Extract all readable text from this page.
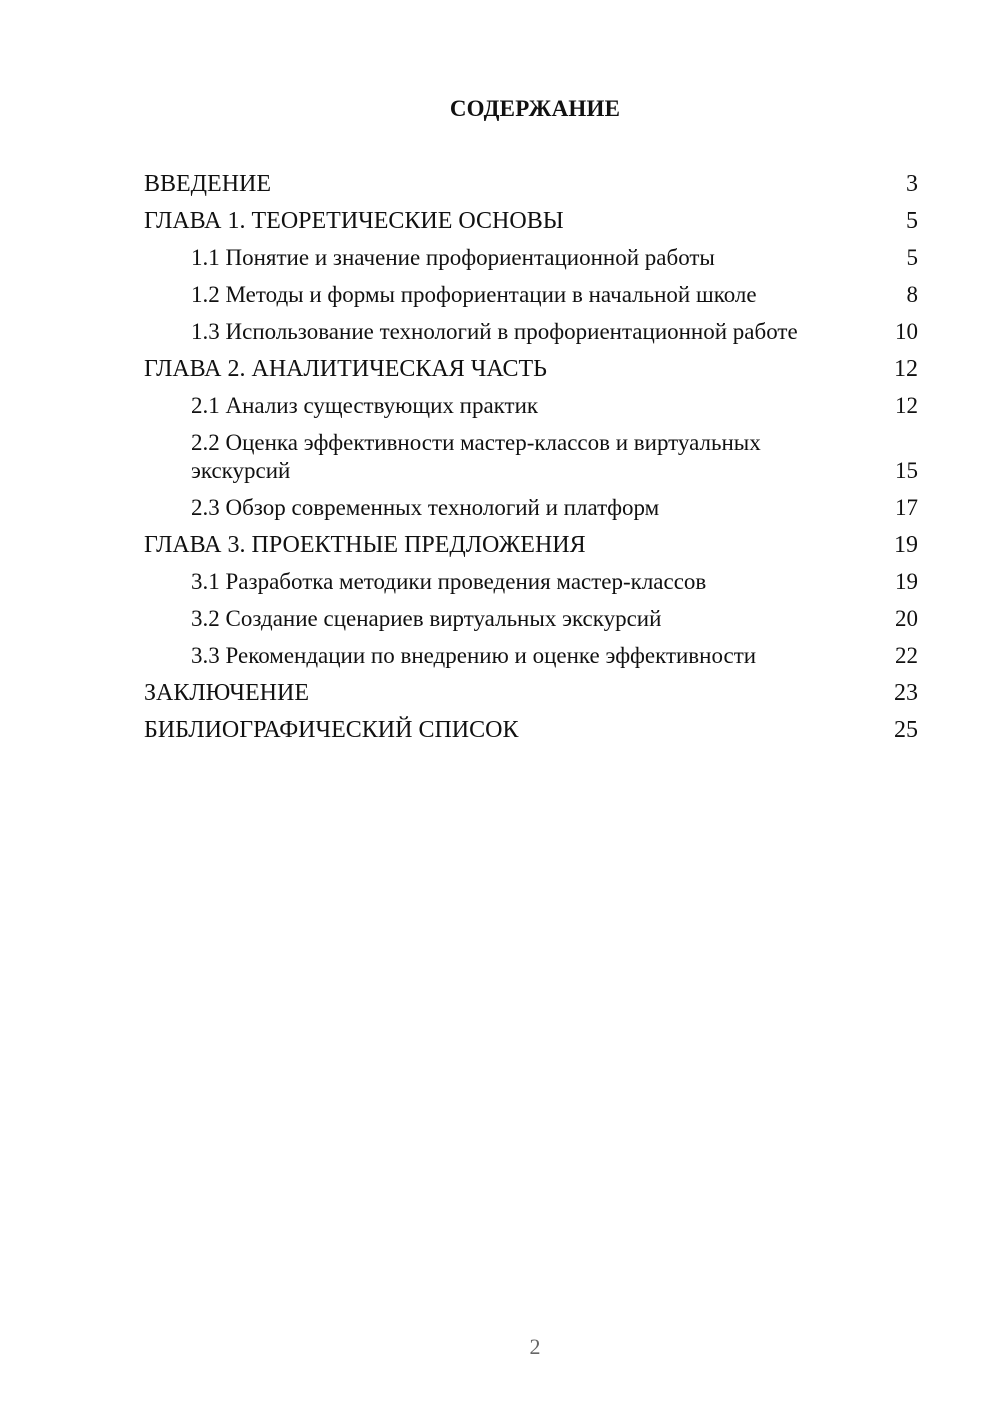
СОДЕРЖАНИЕ
ВВЕДЕНИЕ	3
ГЛАВА 1. ТЕОРЕТИЧЕСКИЕ ОСНОВЫ	5
1.1 Понятие и значение профориентационной работы	5
1.2 Методы и формы профориентации в начальной школе	8
1.3 Использование технологий в профориентационной работе	10
ГЛАВА 2. АНАЛИТИЧЕСКАЯ ЧАСТЬ	12
2.1 Анализ существующих практик	12
2.2 Оценка эффективности мастер-классов и виртуальных экскурсий	15
2.3 Обзор современных технологий и платформ	17
ГЛАВА 3. ПРОЕКТНЫЕ ПРЕДЛОЖЕНИЯ	19
3.1 Разработка методики проведения мастер-классов	19
3.2 Создание сценариев виртуальных экскурсий	20
3.3 Рекомендации по внедрению и оценке эффективности	22
ЗАКЛЮЧЕНИЕ	23
БИБЛИОГРАФИЧЕСКИЙ СПИСОК	25
2
